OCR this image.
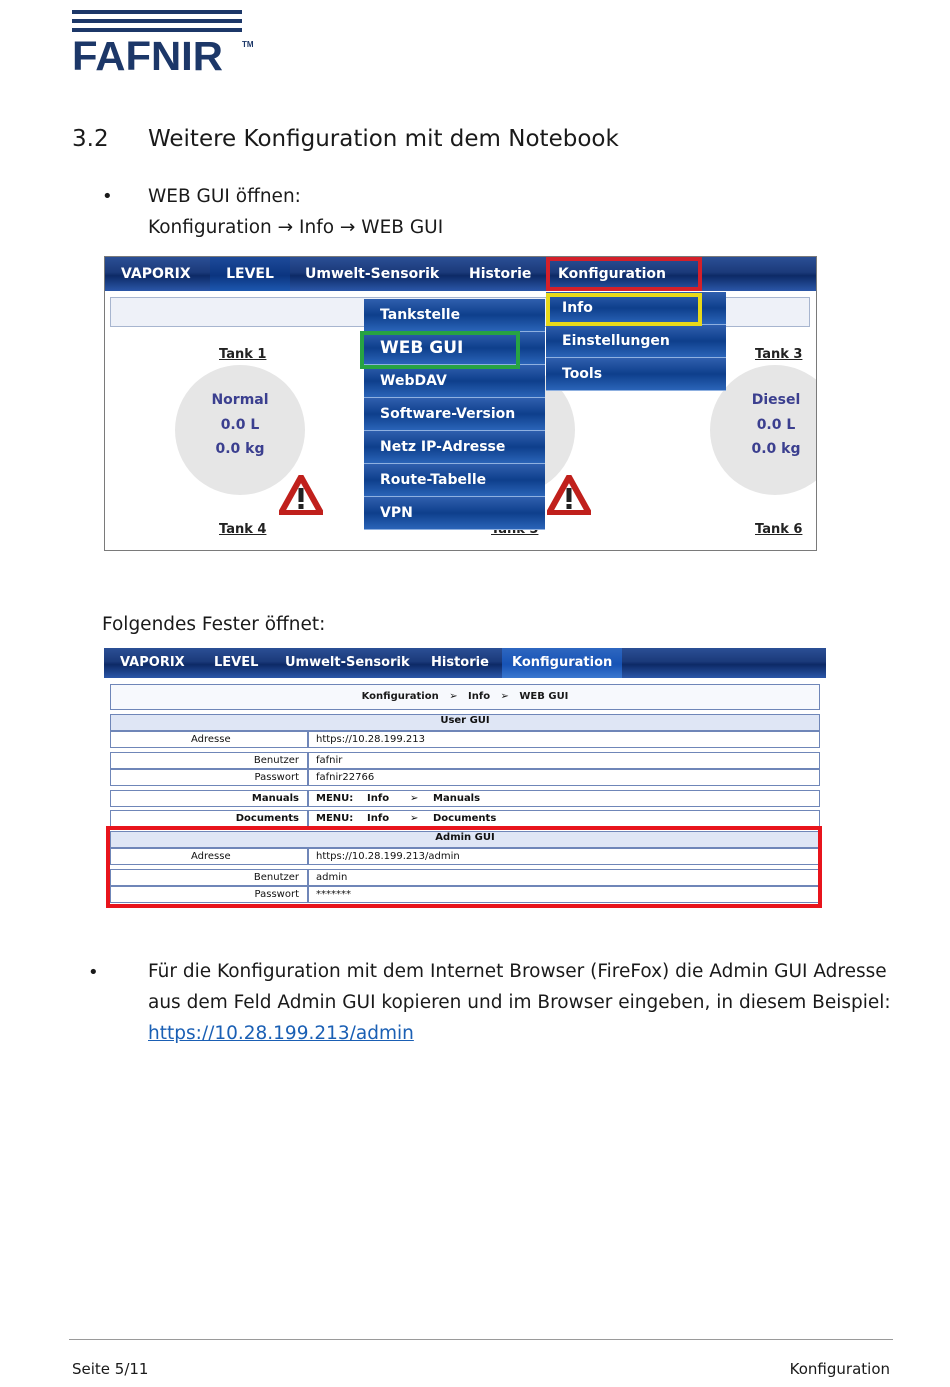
FAFNIR TM
3.2 Weitere Konfiguration mit dem Notebook
• WEB GUI öffnen:
Konfiguration → Info → WEB GUI
VAPORIX	LEVEL	Umwelt-Sensorik Historie Konfiguration
Tank 1
Normal
0.0 L
0.0 kg
Tank 4
Tank 3
Diesel
0.0 L
0.0 kg
Tank 6
Tankstelle
WEB GUI
WebDAV
Software-Version
Netz IP-Adresse
Route-Tabelle
VPN
Info
Einstellungen
Tools
Folgendes Fester öffnet:
VAPORIX LEVEL Umwelt-Sensorik Historie	Konfiguration
Konfiguration ➢ Info ➢ WEB GUI
User GUI
Adresse	https://10.28.199.213
Benutzer fafnir
Passwort fafnir22766
Manuals MENU: Info ➢ Manuals
Documents MENU: Info ➢ Documents
Admin GUI
Adresse	https://10.28.199.213/admin
Benutzer admin
Passwort *******
•	Für die Konfiguration mit dem Internet Browser (FireFox) die Admin GUI Adresse
aus dem Feld Admin GUI kopieren und im Browser eingeben, in diesem Beispiel:
https://10.28.199.213/admin
Seite 5/11	Konfiguration
